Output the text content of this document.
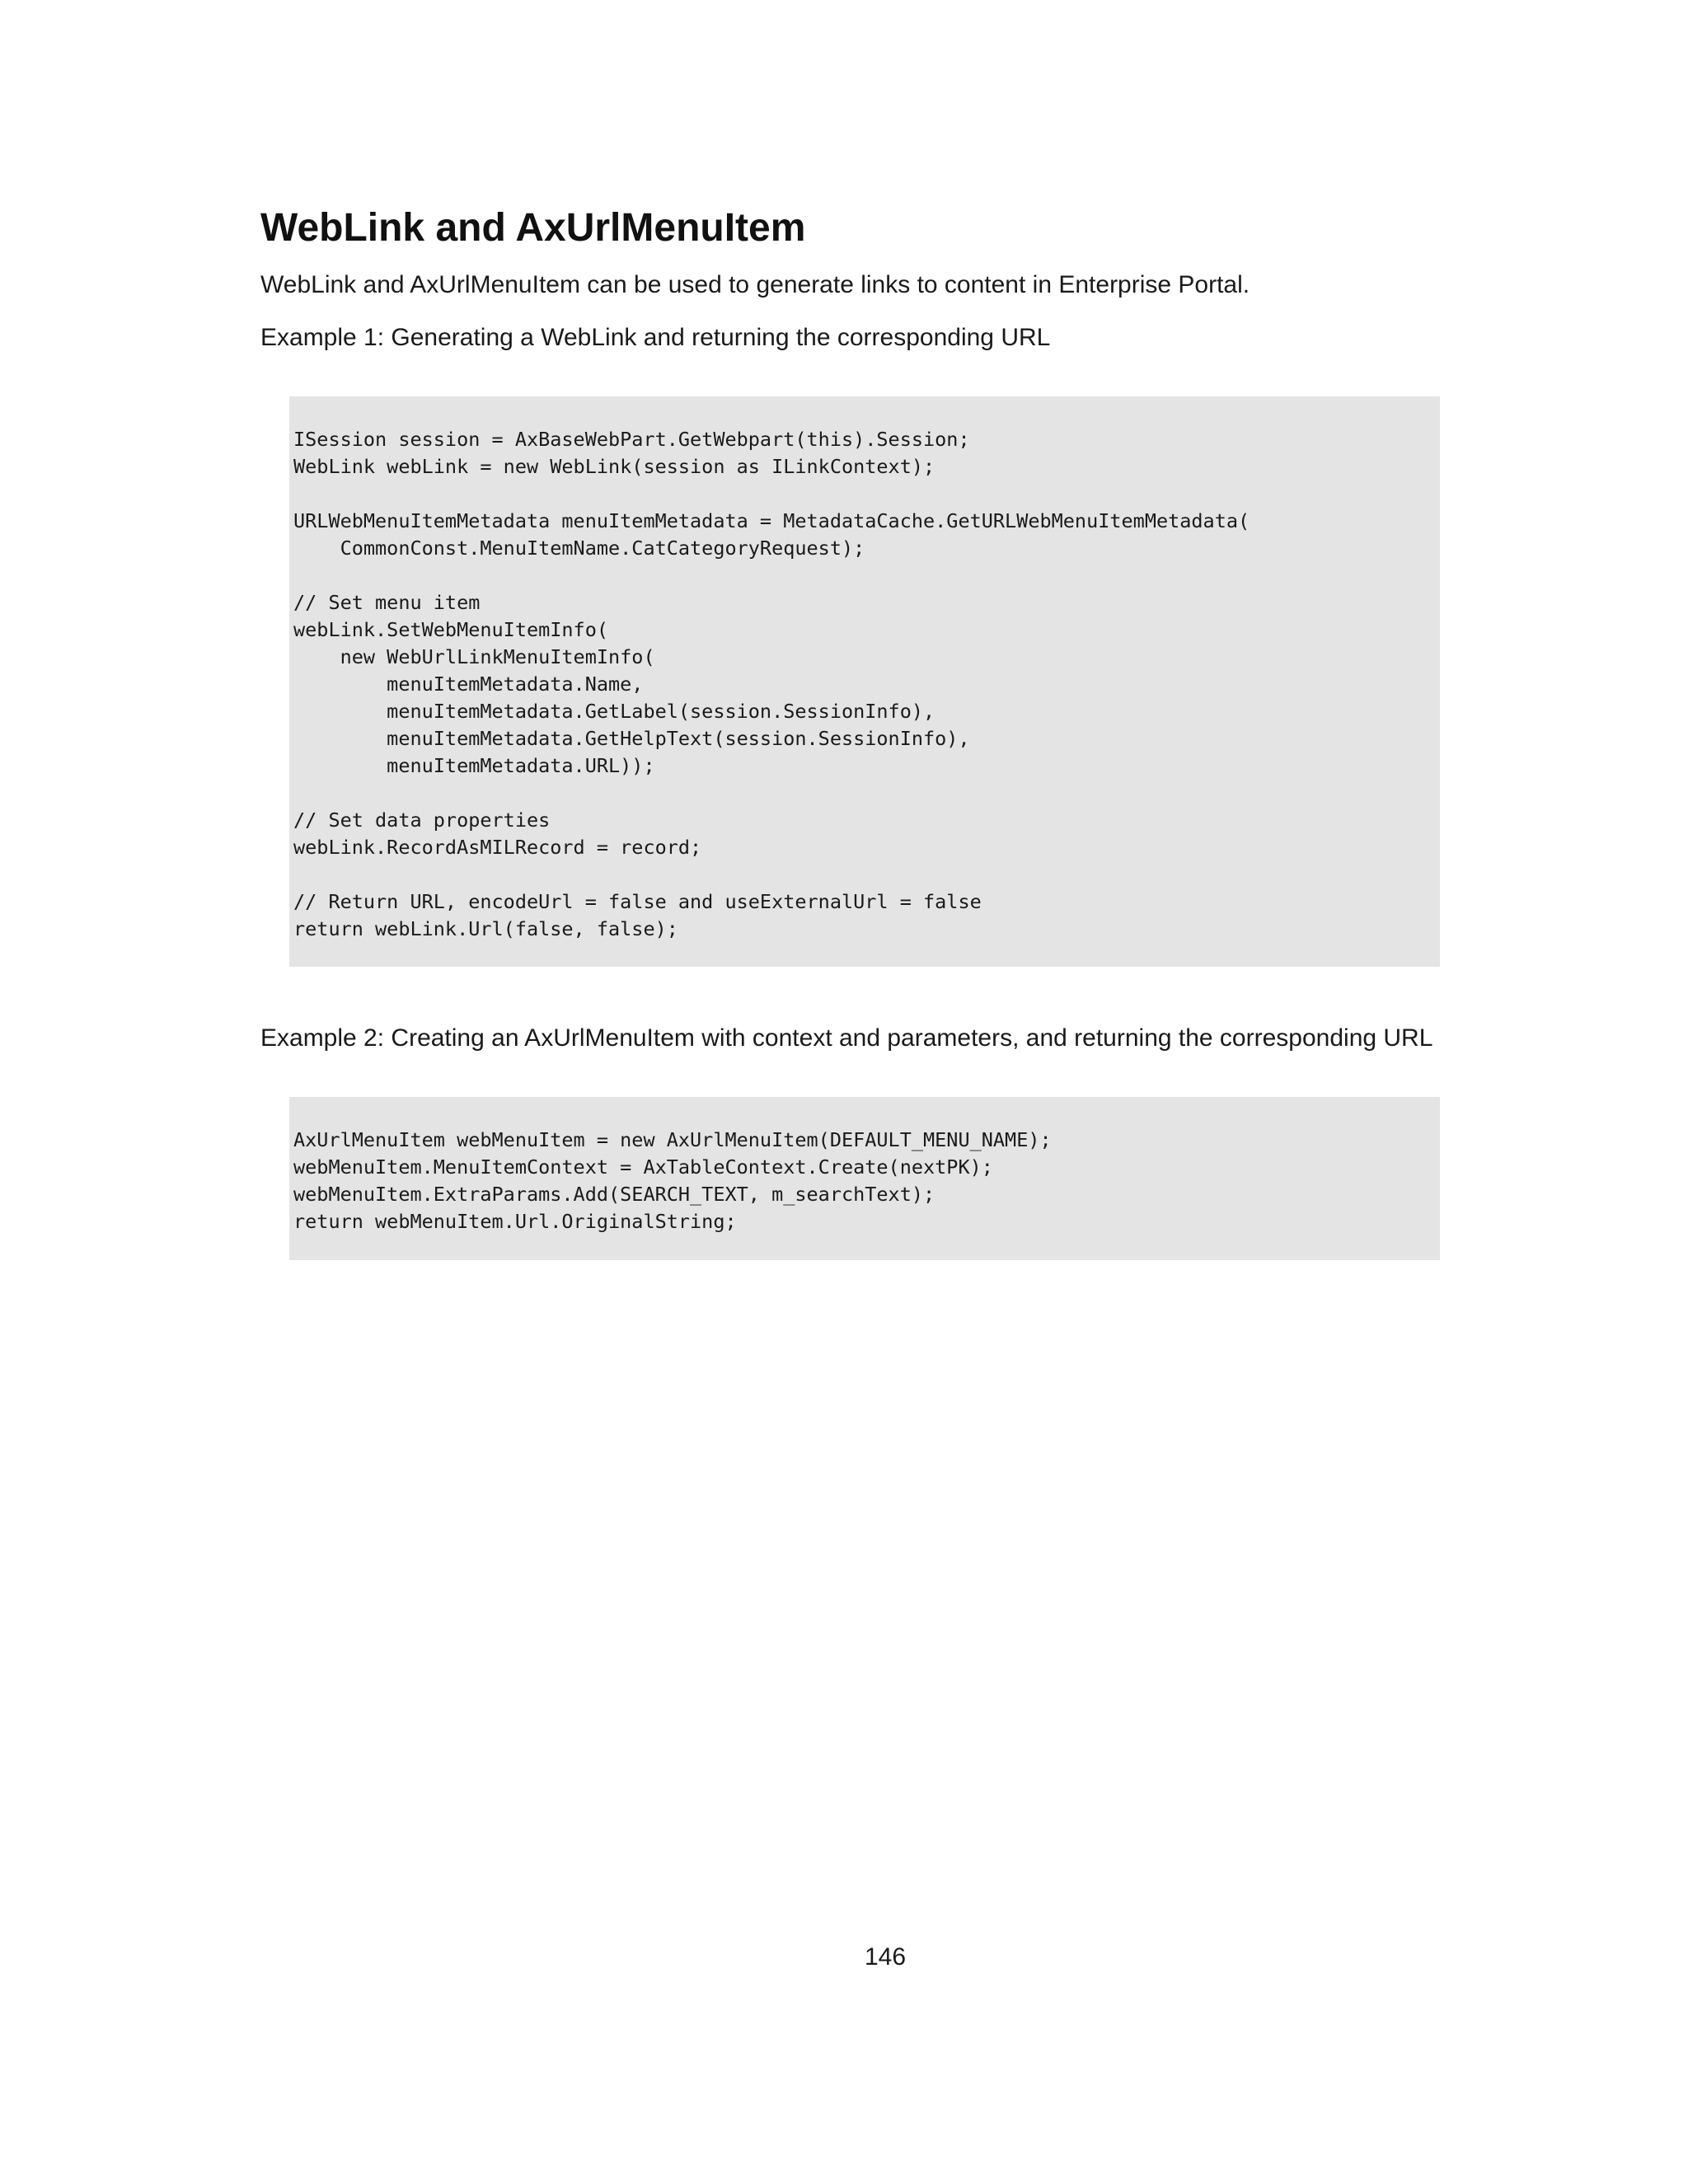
WebLink and AxUrlMenuItem

WebLink and AxUrlMenuItem can be used to generate links to content in Enterprise Portal.

Example 1: Generating a WebLink and returning the corresponding URL

ISession session = AxBaseWebPart.GetWebpart(this).Session;
WebLink webLink = new WebLink(session as ILinkContext);
URLWebMenuItemMetadata menuItemMetadata = MetadataCache.GetURLWebMenuItemMetadata(
CommonConst.MenuItemName.CatCategoryRequest);
// Set menu item
webLink.SetWebMenuItemInfo(
new WebUrlLinkMenuItemInfo(
menuItemMetadata.Name,
menuItemMetadata.GetLabel(session.SessionInfo),
menuItemMetadata.GetHelpText(session.SessionInfo),
menuItemMetadata.URL));
// Set data properties
webLink.RecordAsMILRecord = record;
// Return URL, encodeUrl = false and useExternalUrl = false
return webLink.Url(false, false);

Example 2: Creating an AxUrlMenuItem with context and parameters, and returning the corresponding URL

AxUrlMenuItem webMenuItem = new AxUrlMenuItem(DEFAULT_MENU_NAME);
webMenuItem.MenuItemContext = AxTableContext.Create(nextPK);
webMenuItem.ExtraParams.Add(SEARCH_TEXT, m_searchText);
return webMenuItem.Url.OriginalString;

146
